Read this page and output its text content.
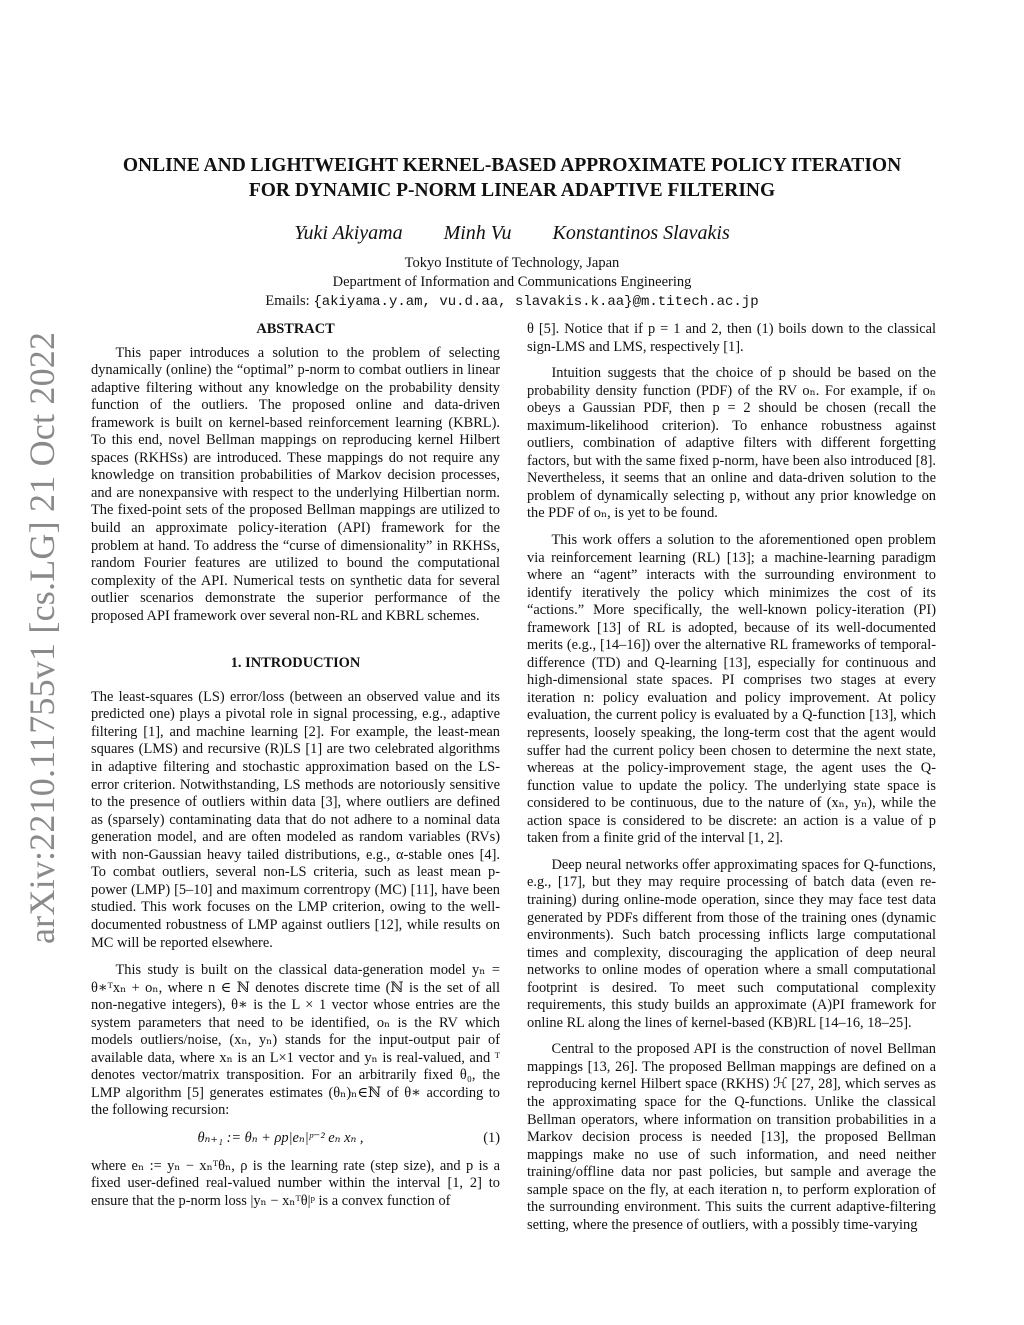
arXiv:2210.11755v1 [cs.LG] 21 Oct 2022
ONLINE AND LIGHTWEIGHT KERNEL-BASED APPROXIMATE POLICY ITERATION
FOR DYNAMIC P-NORM LINEAR ADAPTIVE FILTERING
Yuki Akiyama Minh Vu Konstantinos Slavakis
Tokyo Institute of Technology, Japan
Department of Information and Communications Engineering
Emails: {akiyama.y.am, vu.d.aa, slavakis.k.aa}@m.titech.ac.jp
ABSTRACT

This paper introduces a solution to the problem of selecting dynamically (online) the “optimal” p-norm to combat outliers in linear adaptive filtering without any knowledge on the probability density function of the outliers. The proposed online and data-driven framework is built on kernel-based reinforcement learning (KBRL). To this end, novel Bellman mappings on reproducing kernel Hilbert spaces (RKHSs) are introduced. These mappings do not require any knowledge on transition probabilities of Markov decision processes, and are nonexpansive with respect to the underlying Hilbertian norm. The fixed-point sets of the proposed Bellman mappings are utilized to build an approximate policy-iteration (API) framework for the problem at hand. To address the “curse of dimensionality” in RKHSs, random Fourier features are utilized to bound the computational complexity of the API. Numerical tests on synthetic data for several outlier scenarios demonstrate the superior performance of the proposed API framework over several non-RL and KBRL schemes.

1. INTRODUCTION

The least-squares (LS) error/loss (between an observed value and its predicted one) plays a pivotal role in signal processing, e.g., adaptive filtering [1], and machine learning [2]. For example, the least-mean squares (LMS) and recursive (R)LS [1] are two celebrated algorithms in adaptive filtering and stochastic approximation based on the LS-error criterion. Notwithstanding, LS methods are notoriously sensitive to the presence of outliers within data [3], where outliers are defined as (sparsely) contaminating data that do not adhere to a nominal data generation model, and are often modeled as random variables (RVs) with non-Gaussian heavy tailed distributions, e.g., α-stable ones [4]. To combat outliers, several non-LS criteria, such as least mean p-power (LMP) [5–10] and maximum correntropy (MC) [11], have been studied. This work focuses on the LMP criterion, owing to the well-documented robustness of LMP against outliers [12], while results on MC will be reported elsewhere.

This study is built on the classical data-generation model yₙ = θ∗ᵀxₙ + oₙ, where n ∈ ℕ denotes discrete time (ℕ is the set of all non-negative integers), θ∗ is the L × 1 vector whose entries are the system parameters that need to be identified, oₙ is the RV which models outliers/noise, (xₙ, yₙ) stands for the input-output pair of available data, where xₙ is an L×1 vector and yₙ is real-valued, and ᵀ denotes vector/matrix transposition. For an arbitrarily fixed θ₀, the LMP algorithm [5] generates estimates (θₙ)ₙ∈ℕ of θ∗ according to the following recursion:

θₙ₊₁ := θₙ + ρp|eₙ|ᵖ⁻² eₙ xₙ ,	(1)

where eₙ := yₙ − xₙᵀθₙ, ρ is the learning rate (step size), and p is a fixed user-defined real-valued number within the interval [1, 2] to ensure that the p-norm loss |yₙ − xₙᵀθ|ᵖ is a convex function of

θ [5]. Notice that if p = 1 and 2, then (1) boils down to the classical sign-LMS and LMS, respectively [1].

Intuition suggests that the choice of p should be based on the probability density function (PDF) of the RV oₙ. For example, if oₙ obeys a Gaussian PDF, then p = 2 should be chosen (recall the maximum-likelihood criterion). To enhance robustness against outliers, combination of adaptive filters with different forgetting factors, but with the same fixed p-norm, have been also introduced [8]. Nevertheless, it seems that an online and data-driven solution to the problem of dynamically selecting p, without any prior knowledge on the PDF of oₙ, is yet to be found.

This work offers a solution to the aforementioned open problem via reinforcement learning (RL) [13]; a machine-learning paradigm where an “agent” interacts with the surrounding environment to identify iteratively the policy which minimizes the cost of its “actions.” More specifically, the well-known policy-iteration (PI) framework [13] of RL is adopted, because of its well-documented merits (e.g., [14–16]) over the alternative RL frameworks of temporal-difference (TD) and Q-learning [13], especially for continuous and high-dimensional state spaces. PI comprises two stages at every iteration n: policy evaluation and policy improvement. At policy evaluation, the current policy is evaluated by a Q-function [13], which represents, loosely speaking, the long-term cost that the agent would suffer had the current policy been chosen to determine the next state, whereas at the policy-improvement stage, the agent uses the Q-function value to update the policy. The underlying state space is considered to be continuous, due to the nature of (xₙ, yₙ), while the action space is considered to be discrete: an action is a value of p taken from a finite grid of the interval [1, 2].

Deep neural networks offer approximating spaces for Q-functions, e.g., [17], but they may require processing of batch data (even re-training) during online-mode operation, since they may face test data generated by PDFs different from those of the training ones (dynamic environments). Such batch processing inflicts large computational times and complexity, discouraging the application of deep neural networks to online modes of operation where a small computational footprint is desired. To meet such computational complexity requirements, this study builds an approximate (A)PI framework for online RL along the lines of kernel-based (KB)RL [14–16, 18–25].

Central to the proposed API is the construction of novel Bellman mappings [13, 26]. The proposed Bellman mappings are defined on a reproducing kernel Hilbert space (RKHS) ℋ [27, 28], which serves as the approximating space for the Q-functions. Unlike the classical Bellman operators, where information on transition probabilities in a Markov decision process is needed [13], the proposed Bellman mappings make no use of such information, and need neither training/offline data nor past policies, but sample and average the sample space on the fly, at each iteration n, to perform exploration of the surrounding environment. This suits the current adaptive-filtering setting, where the presence of outliers, with a possibly time-varying
